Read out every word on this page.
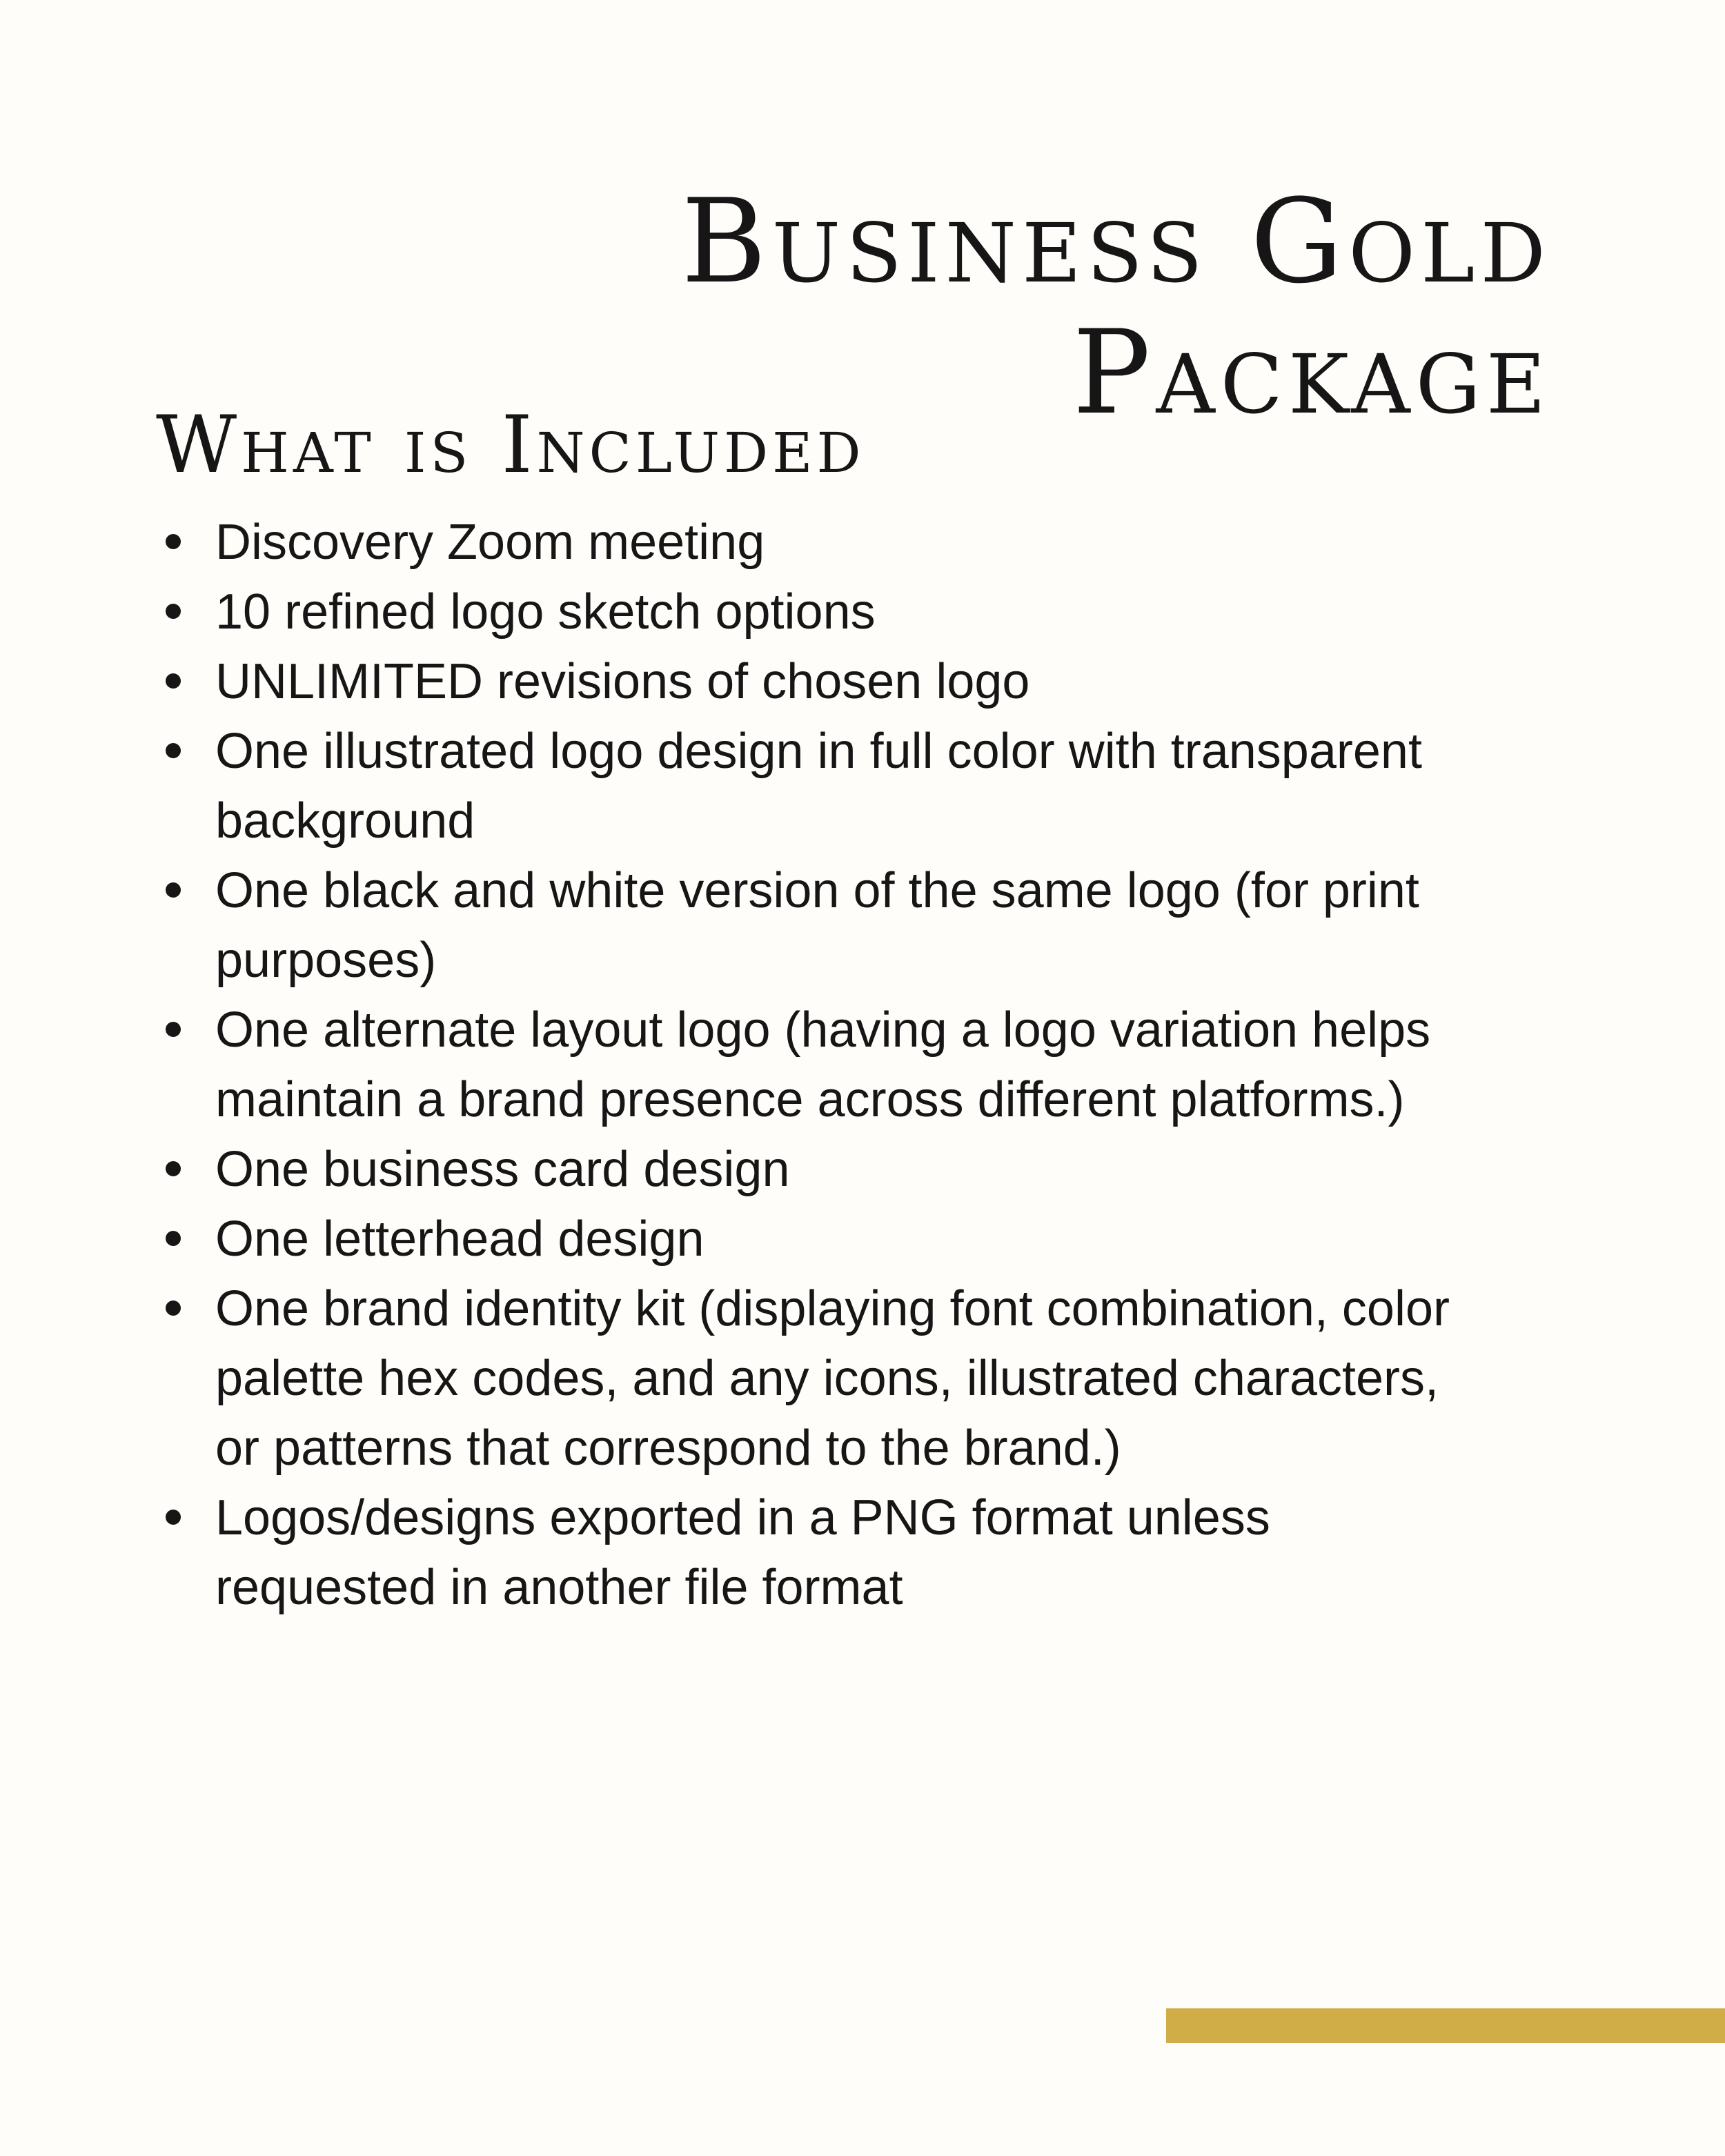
Business Gold
Package
What is Included
Discovery Zoom meeting
10 refined logo sketch options
UNLIMITED revisions of chosen logo
One illustrated logo design in full color with transparent background
One black and white version of the same logo (for print purposes)
One alternate layout logo (having a logo variation helps maintain a brand presence across different platforms.)
One business card design
One letterhead design
One brand identity kit (displaying font combination, color palette hex codes, and any icons, illustrated characters, or patterns that correspond to the brand.)
Logos/designs exported in a PNG format unless requested in another file format
